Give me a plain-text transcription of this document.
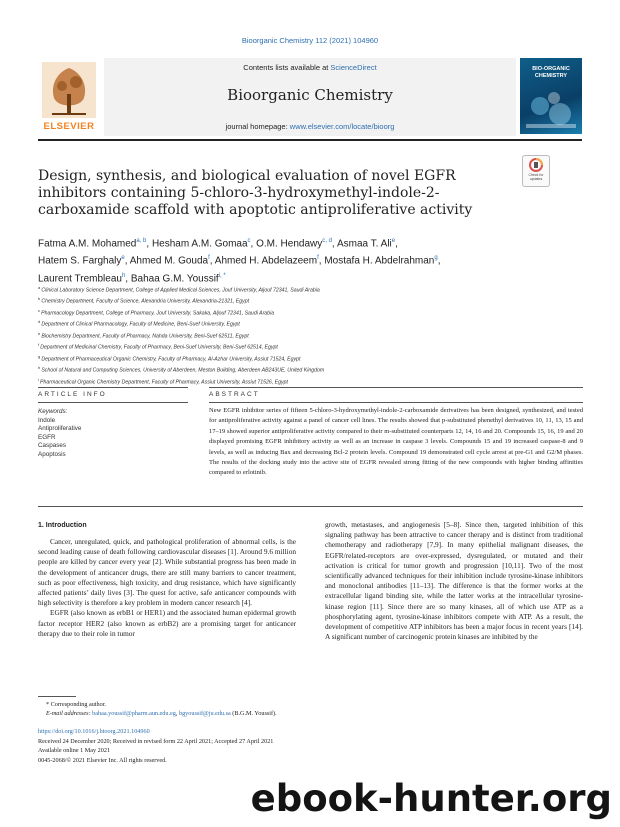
Bioorganic Chemistry 112 (2021) 104960
ELSEVIER
Contents lists available at ScienceDirect
Bioorganic Chemistry
journal homepage: www.elsevier.com/locate/bioorg
BIO-ORGANIC CHEMISTRY
Check for updates
Design, synthesis, and biological evaluation of novel EGFR inhibitors containing 5-chloro-3-hydroxymethyl-indole-2-carboxamide scaffold with apoptotic antiproliferative activity
Fatma A.M. Mohamed$^{a, b}$, Hesham A.M. Gomaa$^c$, O.M. Hendawy$^{c, d}$, Asmaa T. Ali$^e$,
Hatem S. Farghaly$^e$, Ahmed M. Gouda$^f$, Ahmed H. Abdelazeem$^f$, Mostafa H. Abdelrahman$^g$,
Laurent Trembleau$^h$, Bahaa G.M. Youssif$^{i, *}$
$^a$ Clinical Laboratory Science Department, College of Applied Medical Sciences, Jouf University, Aljouf 72341, Saudi Arabia
$^b$ Chemistry Department, Faculty of Science, Alexandria University, Alexandria-21321, Egypt
$^c$ Pharmacology Department, College of Pharmacy, Jouf University, Sakaka, Aljouf 72341, Saudi Arabia
$^d$ Department of Clinical Pharmacology, Faculty of Medicine, Beni-Suef University, Egypt
$^e$ Biochemistry Department, Faculty of Pharmacy, Nahda University, Beni-Suef 62511, Egypt
$^f$ Department of Medicinal Chemistry, Faculty of Pharmacy, Beni-Suef University, Beni-Suef 62514, Egypt
$^g$ Department of Pharmaceutical Organic Chemistry, Faculty of Pharmacy, Al-Azhar University, Assiut 71524, Egypt
$^h$ School of Natural and Computing Sciences, University of Aberdeen, Meston Building, Aberdeen AB243UE, United Kingdom
$^i$ Pharmaceutical Organic Chemistry Department, Faculty of Pharmacy, Assiut University, Assiut 71526, Egypt
ARTICLE INFO	ABSTRACT
Keywords:
Indole
Antiproliferative
EGFR
Caspases
Apoptosis
New EGFR inhibitor series of fifteen 5-chloro-3-hydroxymethyl-indole-2-carboxamide derivatives has been designed, synthesized, and tested for antiproliferative activity against a panel of cancer cell lines. The results showed that p-substituted phenethyl derivatives 10, 11, 13, 15 and 17–19 showed superior antiproliferative activity compared to their m-substituted counterparts 12, 14, 16 and 20. Compounds 15, 16, 19 and 20 displayed promising EGFR inhibitory activity as well as an increase in caspase 3 levels. Compounds 15 and 19 increased caspase-8 and 9 levels, as well as inducing Bax and decreasing Bcl-2 protein levels. Compound 19 demonstrated cell cycle arrest at pre-G1 and G2/M phases. The results of the docking study into the active site of EGFR revealed strong fitting of the new compounds with higher binding affinities compared to erlotinib.
1. Introduction

Cancer, unregulated, quick, and pathological proliferation of abnormal cells, is the second leading cause of death following cardiovascular diseases [1]. Around 9.6 million people are killed by cancer every year [2]. While substantial progress has been made in the development of anticancer drugs, there are still many barriers to cancer treatment, such as poor effectiveness, high toxicity, and drug resistance, which have significantly affected patients’ daily lives [3]. The quest for active, safe anticancer compounds with high selectivity is therefore a key problem in modern cancer research [4].

EGFR (also known as erbB1 or HER1) and the associated human epidermal growth factor receptor HER2 (also known as erbB2) are a promising target for anticancer therapy due to their role in tumor

growth, metastases, and angiogenesis [5–8]. Since then, targeted inhibition of this signaling pathway has been attractive to cancer therapy and is distinct from traditional chemotherapy and radiotherapy [7,9]. In many epithelial malignant diseases, the EGFR/related-receptors are over-expressed, dysregulated, or mutated and their activation is critical for tumor growth and progression [10,11]. Two of the most scientifically advanced techniques for their inhibition include tyrosine-kinase inhibitors and monoclonal antibodies [11–13]. The difference is that the former works at the extracellular ligand binding site, while the latter works at the intracellular tyrosine-kinase region [11]. Since there are so many kinases, all of which use ATP as a phosphorylating agent, tyrosine-kinase inhibitors compete with ATP. As a result, the development of competitive ATP inhibitors has been a major focus in recent years [14]. A significant number of carcinogenic protein kinases are inhibited by the

* Corresponding author.
E-mail addresses: bahaa.youssif@pharm.aun.edu.eg, bgyoussif@ju.edu.sa (B.G.M. Youssif).
https://doi.org/10.1016/j.bioorg.2021.104960
Received 24 December 2020; Received in revised form 22 April 2021; Accepted 27 April 2021
Available online 1 May 2021
0045-2068/© 2021 Elsevier Inc. All rights reserved.
ebook-hunter.org
